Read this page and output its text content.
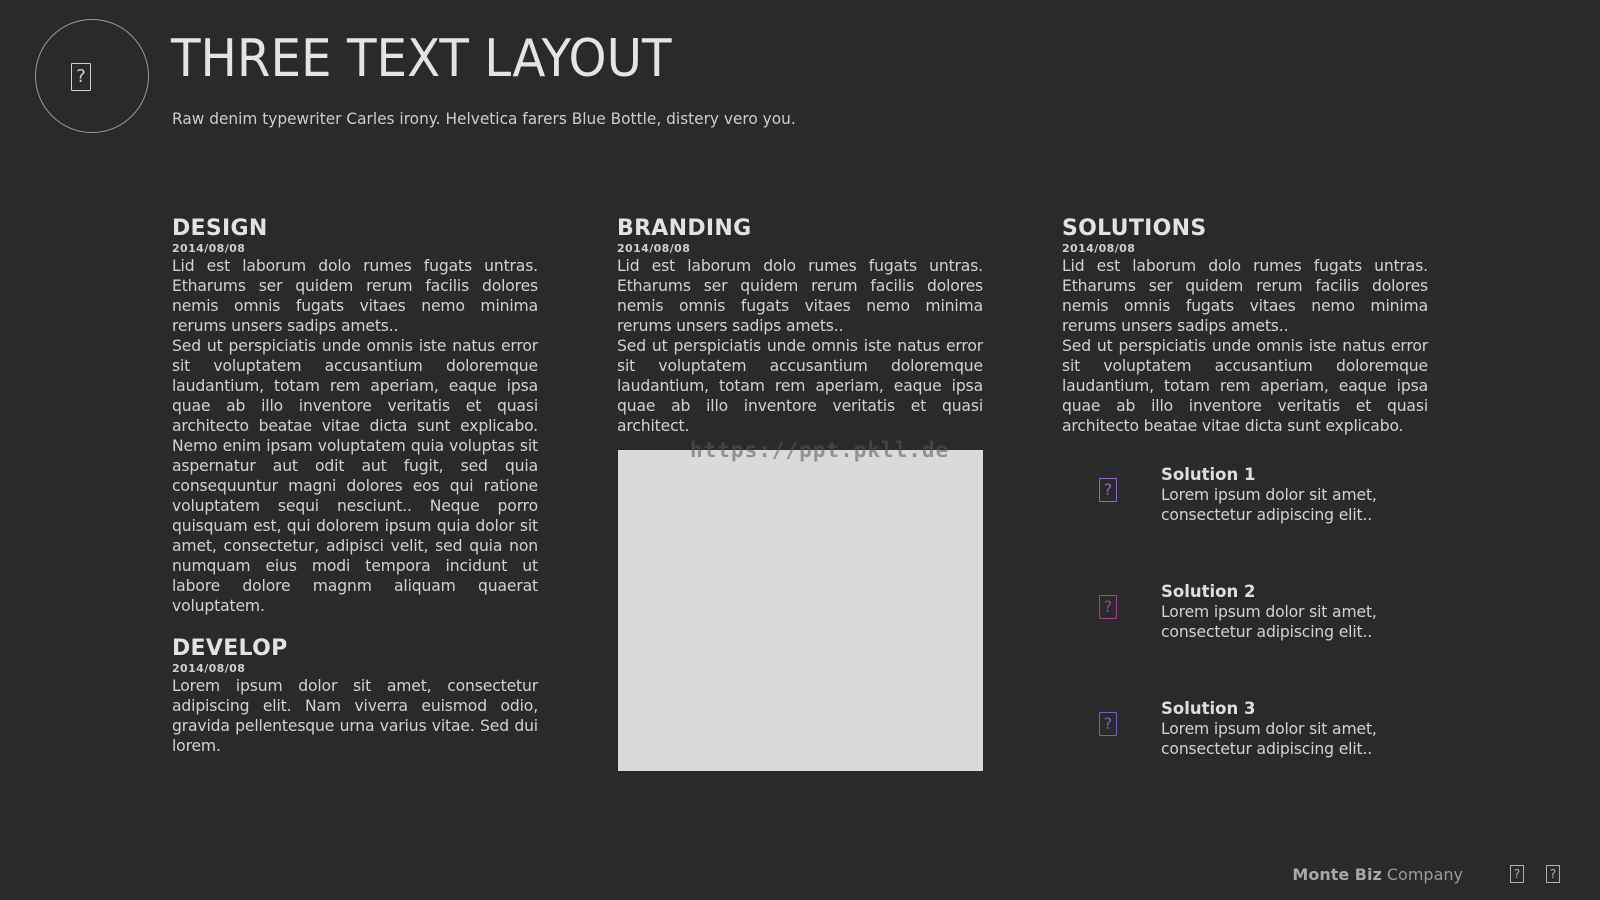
? THREE TEXT LAYOUT
Raw denim typewriter Carles irony. Helvetica farers Blue Bottle, distery vero you.
DESIGN
2014/08/08

Lid est laborum dolo rumes fugats untras. Etharums ser quidem rerum facilis dolores nemis omnis fugats vitaes nemo minima rerums unsers sadips amets..

Sed ut perspiciatis unde omnis iste natus error sit voluptatem accusantium doloremque laudantium, totam rem aperiam, eaque ipsa quae ab illo inventore veritatis et quasi architecto beatae vitae dicta sunt explicabo. Nemo enim ipsam voluptatem quia voluptas sit aspernatur aut odit aut fugit, sed quia consequuntur magni dolores eos qui ratione voluptatem sequi nesciunt.. Neque porro quisquam est, qui dolorem ipsum quia dolor sit amet, consectetur, adipisci velit, sed quia non numquam eius modi tempora incidunt ut labore dolore magnm aliquam quaerat voluptatem.

DEVELOP
2014/08/08

Lorem ipsum dolor sit amet, consectetur adipiscing elit. Nam viverra euismod odio, gravida pellentesque urna varius vitae. Sed dui lorem.

BRANDING
2014/08/08

Lid est laborum dolo rumes fugats untras. Etharums ser quidem rerum facilis dolores nemis omnis fugats vitaes nemo minima rerums unsers sadips amets..

Sed ut perspiciatis unde omnis iste natus error sit voluptatem accusantium doloremque laudantium, totam rem aperiam, eaque ipsa quae ab illo inventore veritatis et quasi architect.

https://ppt.pkll.de
SOLUTIONS
2014/08/08

Lid est laborum dolo rumes fugats untras. Etharums ser quidem rerum facilis dolores nemis omnis fugats vitaes nemo minima rerums unsers sadips amets..

Sed ut perspiciatis unde omnis iste natus error sit voluptatem accusantium doloremque laudantium, totam rem aperiam, eaque ipsa quae ab illo inventore veritatis et quasi architecto beatae vitae dicta sunt explicabo.

?
Solution 1
Lorem ipsum dolor sit amet, consectetur adipiscing elit..
?
Solution 2
Lorem ipsum dolor sit amet, consectetur adipiscing elit..
?
Solution 3
Lorem ipsum dolor sit amet, consectetur adipiscing elit..
Monte Biz Company	?	?
